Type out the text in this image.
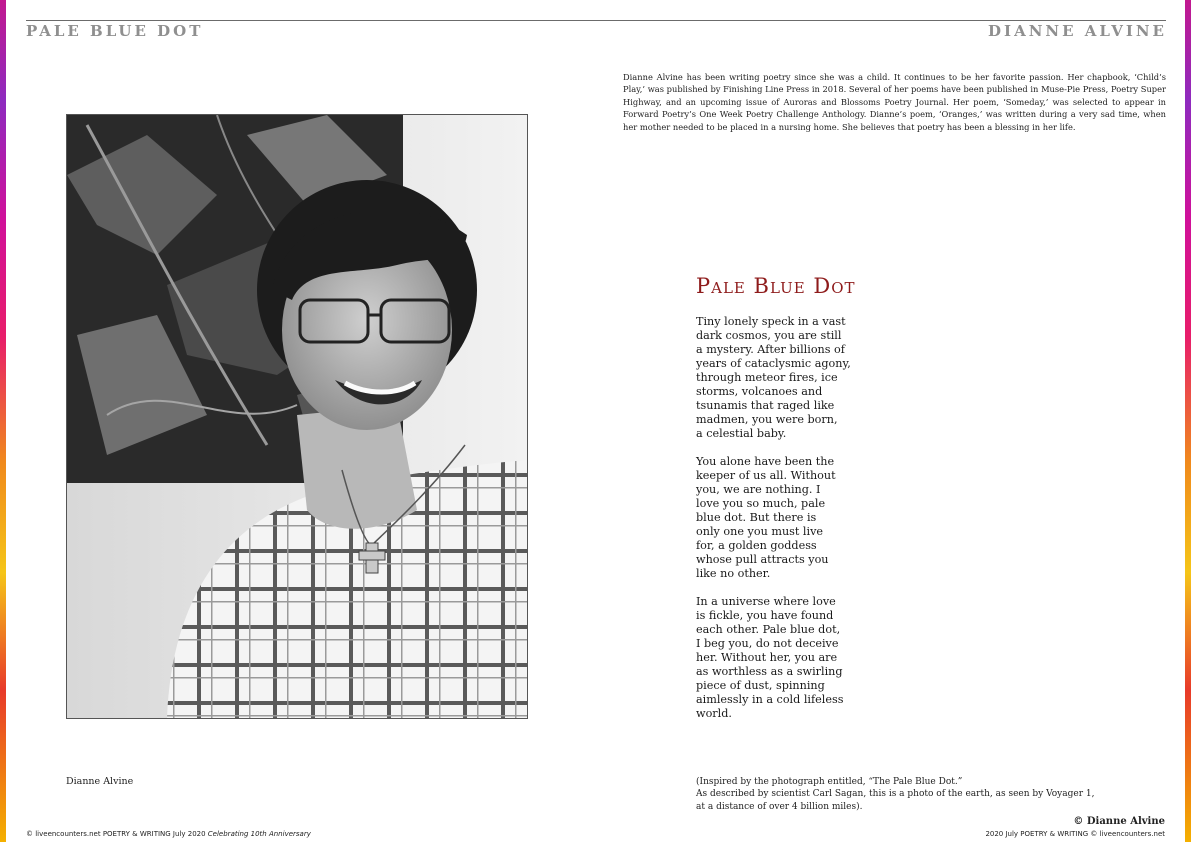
PALE BLUE DOT	DIANNE ALVINE
Dianne Alvine
Dianne Alvine has been writing poetry since she was a child. It continues to be her favorite passion. Her chapbook, ‘Child’s Play,’ was published by Finishing Line Press in 2018. Several of her poems have been published in Muse-Pie Press, Poetry Super Highway, and an upcoming issue of Auroras and Blossoms Poetry Journal. Her poem, ‘Someday,’ was selected to appear in Forward Poetry’s One Week Poetry Challenge Anthology. Dianne’s poem, ‘Oranges,’ was written during a very sad time, when her mother needed to be placed in a nursing home. She believes that poetry has been a blessing in her life.
Pale Blue Dot
Tiny lonely speck in a vast
dark cosmos, you are still
a mystery. After billions of
years of cataclysmic agony,
through meteor fires, ice
storms, volcanoes and
tsunamis that raged like
madmen, you were born,
a celestial baby.
You alone have been the
keeper of us all. Without
you, we are nothing. I
love you so much, pale
blue dot. But there is
only one you must live
for, a golden goddess
whose pull attracts you
like no other.
In a universe where love
is fickle, you have found
each other. Pale blue dot,
I beg you, do not deceive
her. Without her, you are
as worthless as a swirling
piece of dust, spinning
aimlessly in a cold lifeless
world.
(Inspired by the photograph entitled, “The Pale Blue Dot.”
As described by scientist Carl Sagan, this is a photo of the earth, as seen by Voyager 1,
at a distance of over 4 billion miles).
© Dianne Alvine
© liveencounters.net POETRY & WRITING July 2020 Celebrating 10th Anniversary	2020 July POETRY & WRITING © liveencounters.net
